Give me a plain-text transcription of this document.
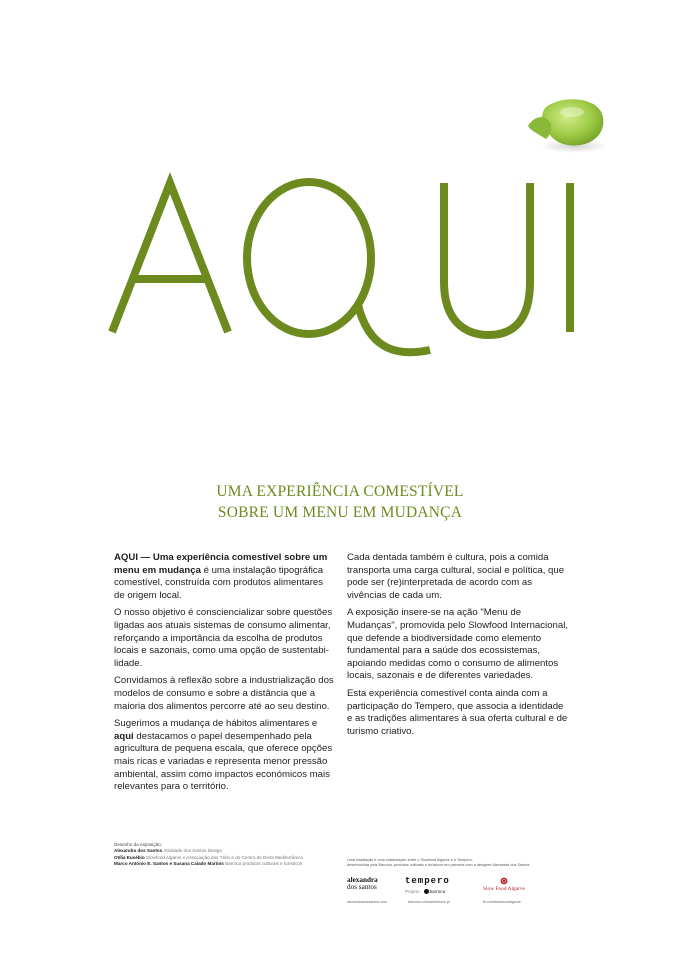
AQUI
UMA EXPERIÊNCIA COMESTÍVEL
SOBRE UM MENU EM MUDANÇA

AQUI — Uma experiência comestível sobre um menu em mudança é uma instalação tipográfica comestível, construída com produtos alimentares de origem local.

O nosso objetivo é consciencializar sobre questões ligadas aos atuais sistemas de consumo alimentar, reforçando a importância da escolha de produtos locais e sazonais, como uma opção de sustentabi-lidade.

Convidamos à reflexão sobre a industrialização dos modelos de consumo e sobre a distância que a maioria dos alimentos percorre até ao seu destino.

Sugerimos a mudança de hábitos alimentares e aqui destacamos o papel desempenhado pela agricultura de pequena escala, que oferece opções mais ricas e variadas e representa menor pressão ambiental, assim como impactos económicos mais relevantes para o território.

Cada dentada também é cultura, pois a comida transporta uma carga cultural, social e política, que pode ser (re)interpretada de acordo com as vivências de cada um.

A exposição insere-se na ação "Menu de Mudanças", promovida pelo Slowfood Internacional, que defende a biodiversidade como elemento fundamental para a saúde dos ecossistemas, apoiando medidas como o consumo de alimentos locais, sazonais e de diferentes variedades.

Esta experiência comestível conta ainda com a participação do Tempero, que associa a identidade e as tradições alimentares à sua oferta cultural e de turismo criativo.

Desenho da exposição:
Alexandra dos Santos Atividade dos Santos Design
Otília Eusébio Slowfood Algarve e Associação dos Tério e do Centro de Dieta Mediterrânica
Marco António E. Santos e Susana Calado Martins Barroca produtos culturais e turísticos
Uma instalação é uma colaboração entre o Slowfood Algarve e o Tempero,
desenvolvida pela Barroca, produtos culturais e turísticos em parceria com a designer Alexandra dos Santos
alexandra
dos santos
tempero
Projeto barroca	Slow Food Algarve
alexandradossantos.com	barroca.culturaeturismo.pt	fb.com/slowfoodalgarve
